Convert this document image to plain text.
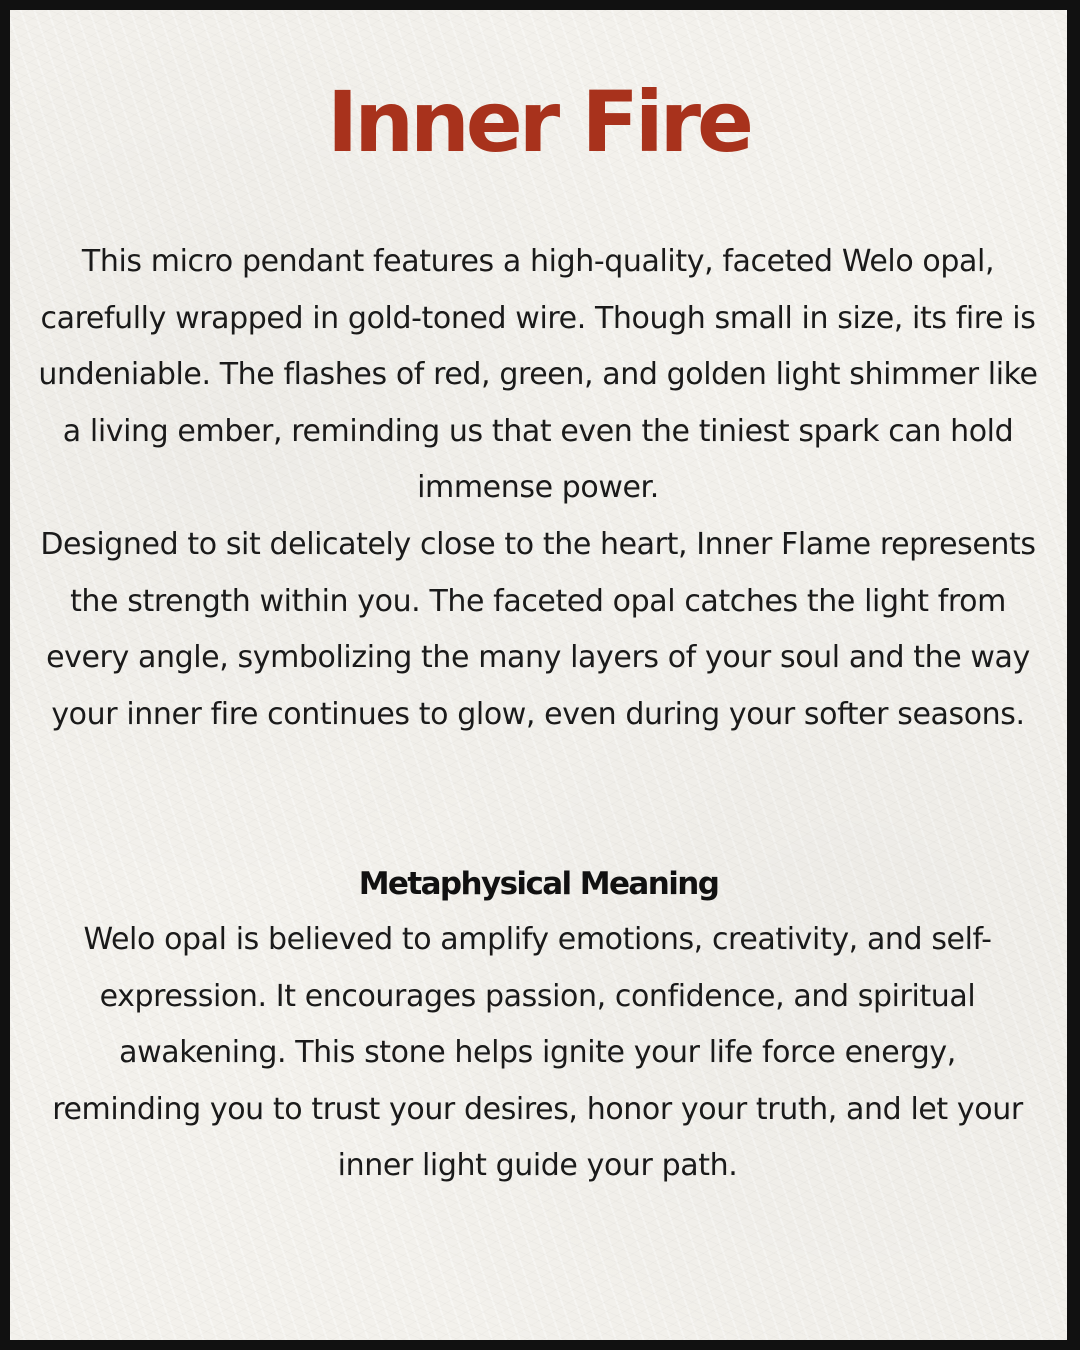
Inner Fire

This micro pendant features a high-quality, faceted Welo opal, carefully wrapped in gold-toned wire. Though small in size, its fire is undeniable. The flashes of red, green, and golden light shimmer like a living ember, reminding us that even the tiniest spark can hold immense power.

Designed to sit delicately close to the heart, Inner Flame represents the strength within you. The faceted opal catches the light from every angle, symbolizing the many layers of your soul and the way your inner fire continues to glow, even during your softer seasons.

Metaphysical Meaning

Welo opal is believed to amplify emotions, creativity, and self-expression. It encourages passion, confidence, and spiritual awakening. This stone helps ignite your life force energy, reminding you to trust your desires, honor your truth, and let your inner light guide your path.
